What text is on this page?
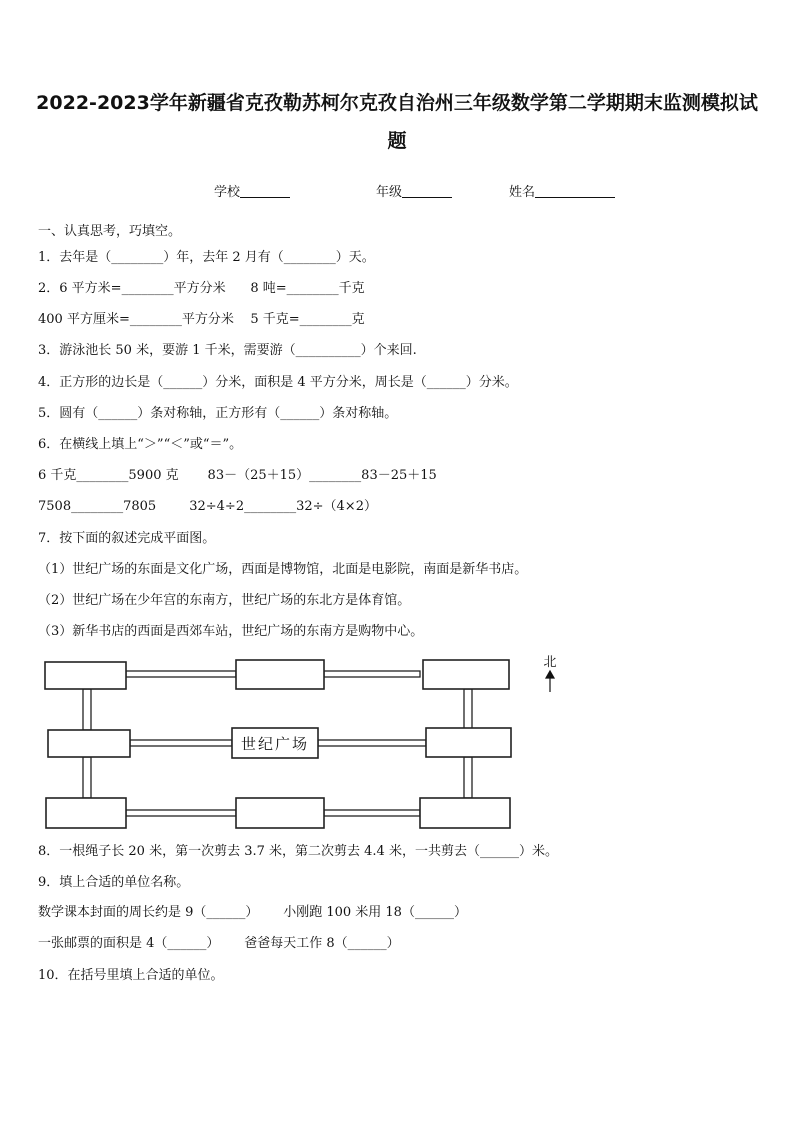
2022-2023学年新疆省克孜勒苏柯尔克孜自治州三年级数学第二学期期末监测模拟试
题
学校	年级	姓名
一、认真思考，巧填空。
1．去年是（________）年，去年 2 月有（________）天。
2．6 平方米=________平方分米      8 吨=________千克
400 平方厘米=________平方分米    5 千克=________克
3．游泳池长 50 米，要游 1 千米，需要游（__________）个来回.
4．正方形的边长是（______）分米，面积是 4 平方分米，周长是（______）分米。
5．圆有（______）条对称轴，正方形有（______）条对称轴。
6．在横线上填上“＞”“＜”或“＝”。
6 千克________5900 克       83－（25＋15）________83－25＋15
7508________7805        32÷4÷2________32÷（4×2）
7．按下面的叙述完成平面图。
（1）世纪广场的东面是文化广场，西面是博物馆，北面是电影院，南面是新华书店。
（2）世纪广场在少年宫的东南方，世纪广场的东北方是体育馆。
（3）新华书店的西面是西郊车站，世纪广场的东南方是购物中心。
世纪广场
北
8．一根绳子长 20 米，第一次剪去 3.7 米，第二次剪去 4.4 米，一共剪去（______）米。
9．填上合适的单位名称。
数学课本封面的周长约是 9（______）      小刚跑 100 米用 18（______）
一张邮票的面积是 4（______）      爸爸每天工作 8（______）
10．在括号里填上合适的单位。
